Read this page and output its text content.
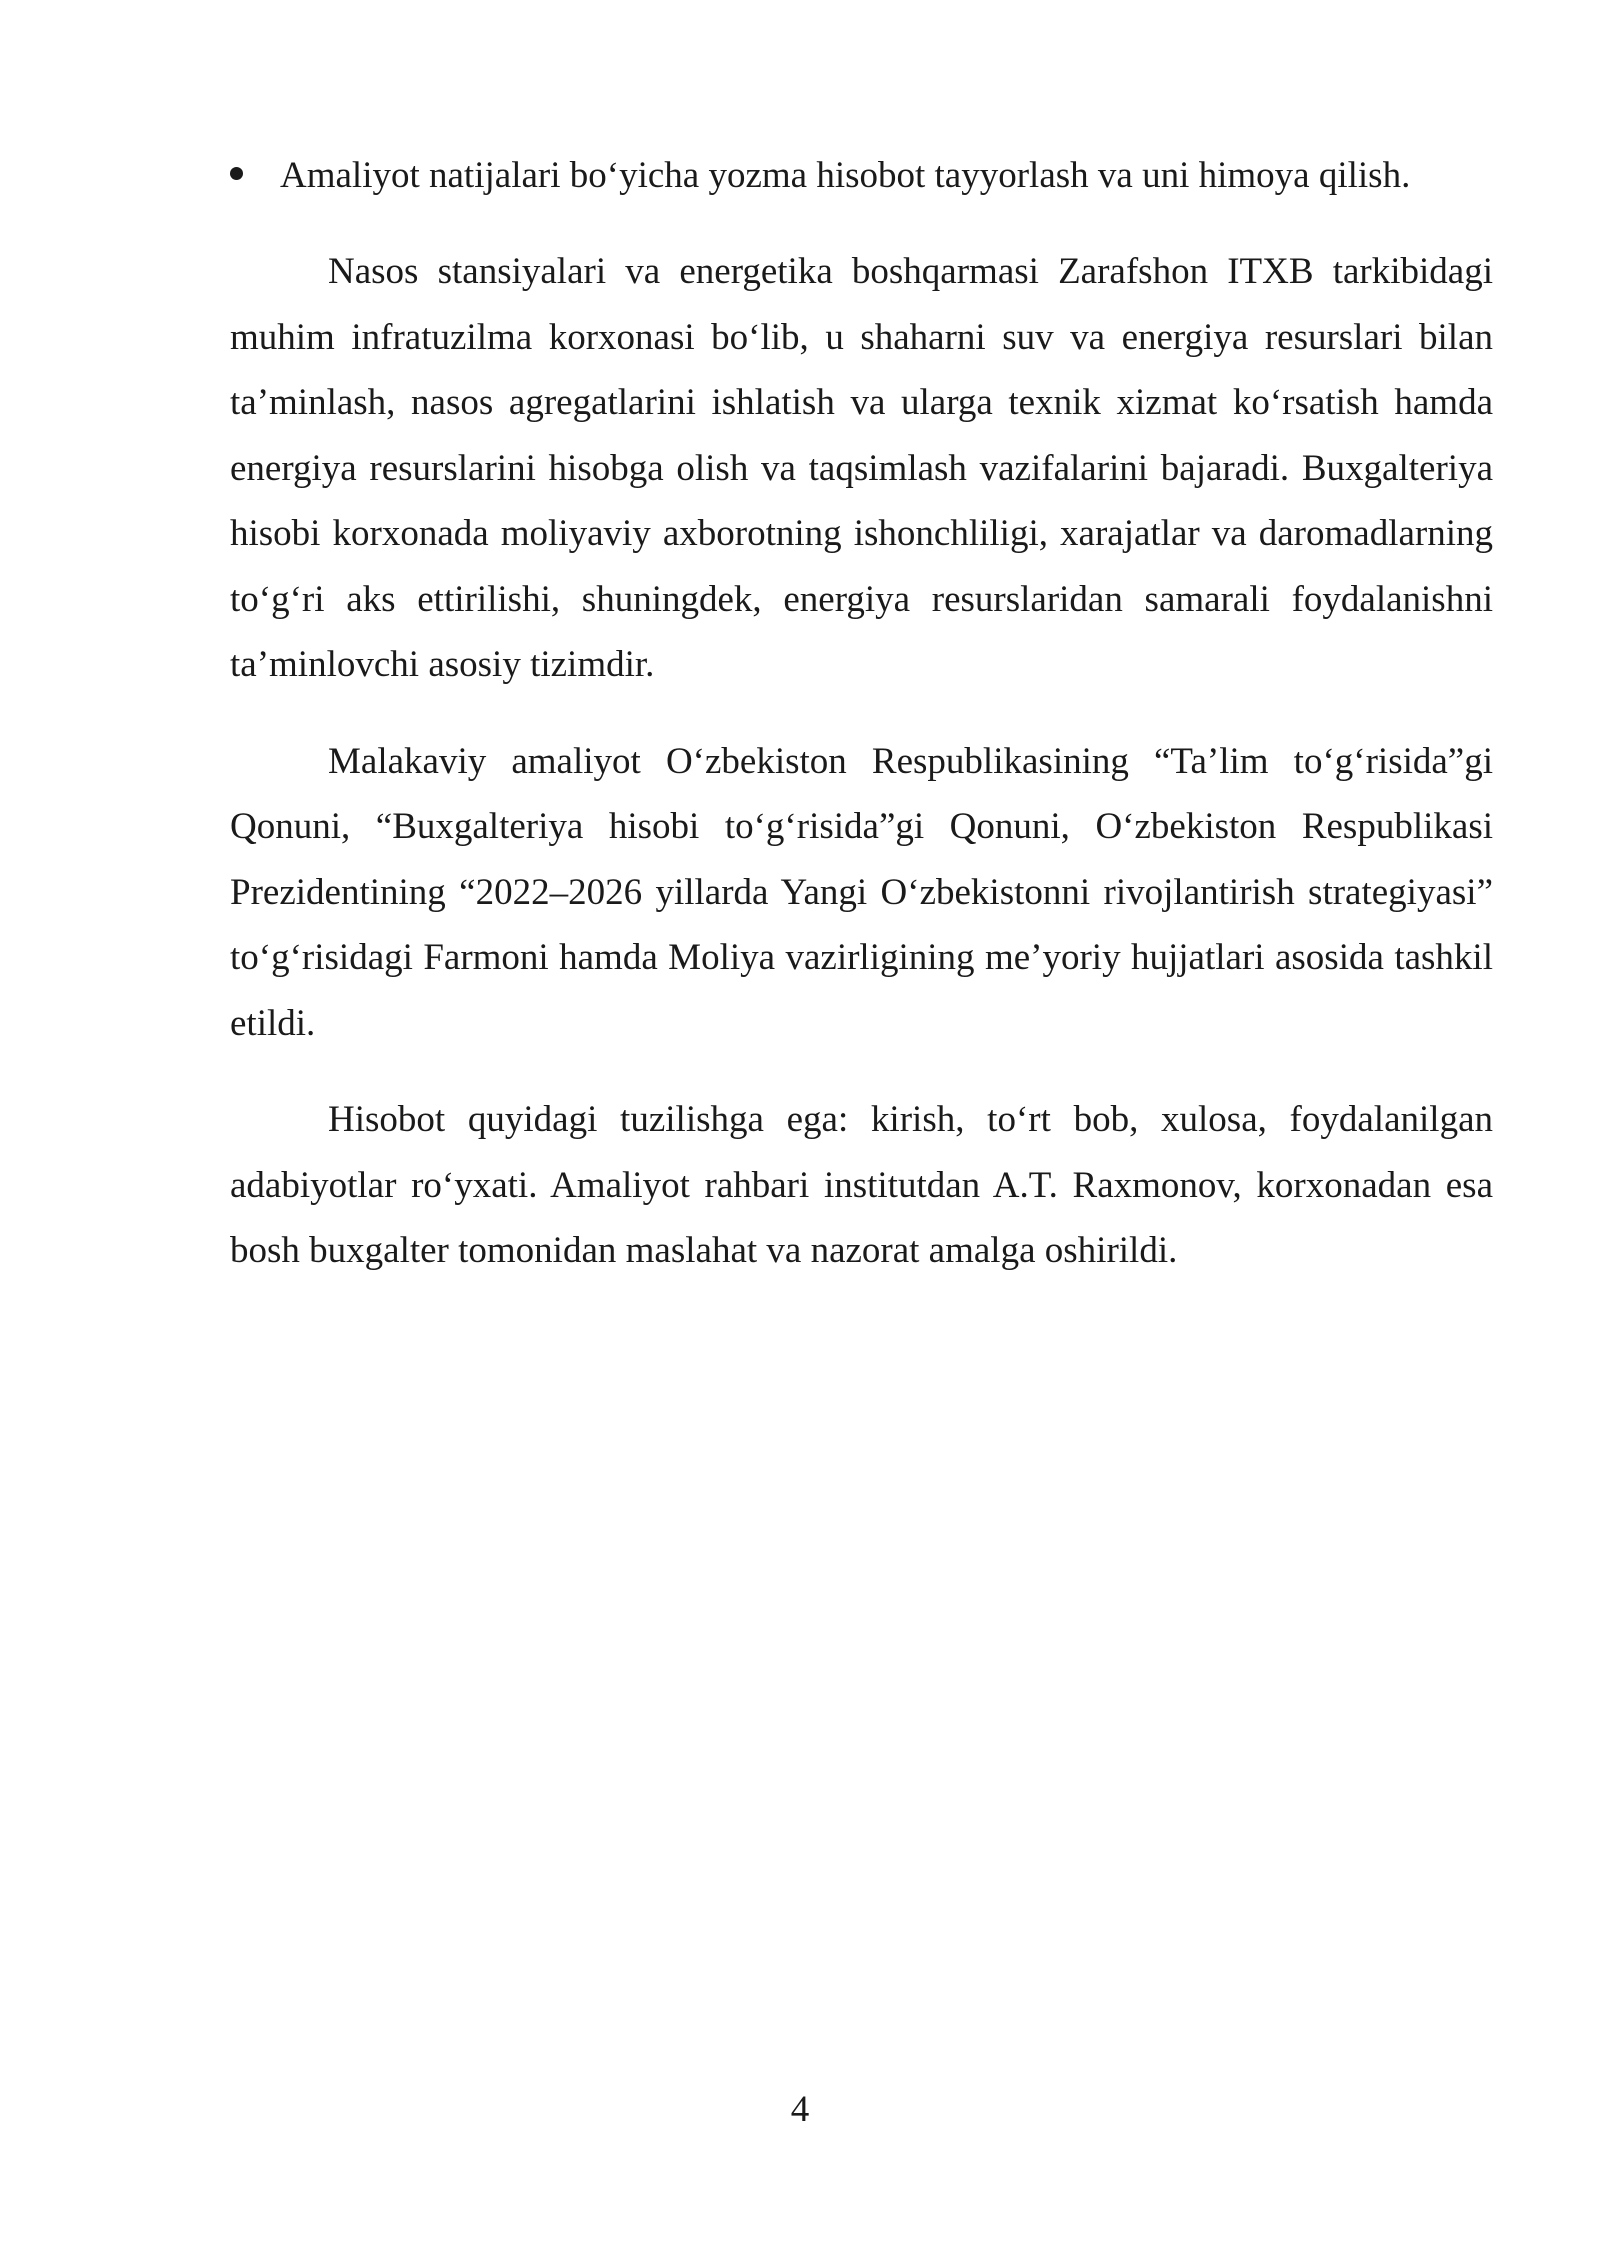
Amaliyot natijalari bo‘yicha yozma hisobot tayyorlash va uni himoya qilish.

Nasos stansiyalari va energetika boshqarmasi Zarafshon ITXB tarkibidagi muhim infratuzilma korxonasi bo‘lib, u shaharni suv va energiya resurslari bilan ta’minlash, nasos agregatlarini ishlatish va ularga texnik xizmat ko‘rsatish hamda energiya resurslarini hisobga olish va taqsimlash vazifalarini bajaradi. Buxgalteriya hisobi korxonada moliyaviy axborotning ishonchliligi, xarajatlar va daromadlarning to‘g‘ri aks ettirilishi, shuningdek, energiya resurslaridan samarali foydalanishni ta’minlovchi asosiy tizimdir.

Malakaviy amaliyot O‘zbekiston Respublikasining “Ta’lim to‘g‘risida”gi Qonuni, “Buxgalteriya hisobi to‘g‘risida”gi Qonuni, O‘zbekiston Respublikasi Prezidentining “2022–2026 yillarda Yangi O‘zbekistonni rivojlantirish strategiyasi” to‘g‘risidagi Farmoni hamda Moliya vazirligining me’yoriy hujjatlari asosida tashkil etildi.

Hisobot quyidagi tuzilishga ega: kirish, to‘rt bob, xulosa, foydalanilgan adabiyotlar ro‘yxati. Amaliyot rahbari institutdan A.T. Raxmonov, korxonadan esa bosh buxgalter tomonidan maslahat va nazorat amalga oshirildi.

4
